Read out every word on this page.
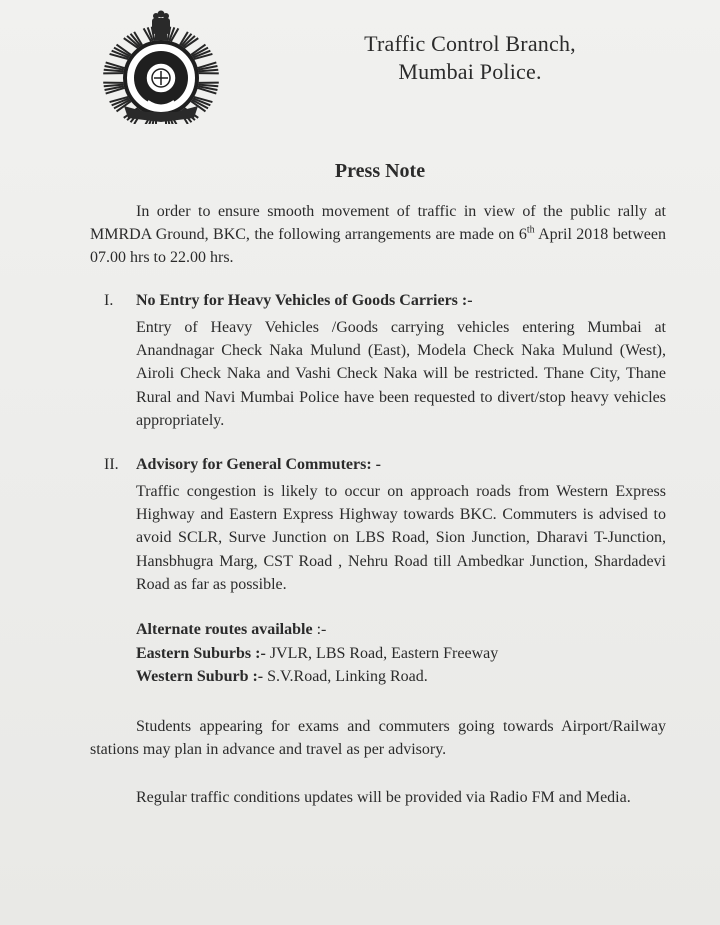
Traffic Control Branch,
Mumbai Police.
Press Note
In order to ensure smooth movement of traffic in view of the public rally at MMRDA Ground, BKC, the following arrangements are made on 6th April 2018 between 07.00 hrs to 22.00 hrs.
I. No Entry for Heavy Vehicles of Goods Carriers :-
Entry of Heavy Vehicles /Goods carrying vehicles entering Mumbai at Anandnagar Check Naka Mulund (East), Modela Check Naka Mulund (West), Airoli Check Naka and Vashi Check Naka will be restricted. Thane City, Thane Rural and Navi Mumbai Police have been requested to divert/stop heavy vehicles appropriately.
II. Advisory for General Commuters: -
Traffic congestion is likely to occur on approach roads from Western Express Highway and Eastern Express Highway towards BKC. Commuters is advised to avoid SCLR, Surve Junction on LBS Road, Sion Junction, Dharavi T-Junction, Hansbhugra Marg, CST Road , Nehru Road till Ambedkar Junction, Shardadevi Road as far as possible.
Alternate routes available :-
Eastern Suburbs :- JVLR, LBS Road, Eastern Freeway
Western Suburb :- S.V.Road, Linking Road.
Students appearing for exams and commuters going towards Airport/Railway stations may plan in advance and travel as per advisory.
Regular traffic conditions updates will be provided via Radio FM and Media.
